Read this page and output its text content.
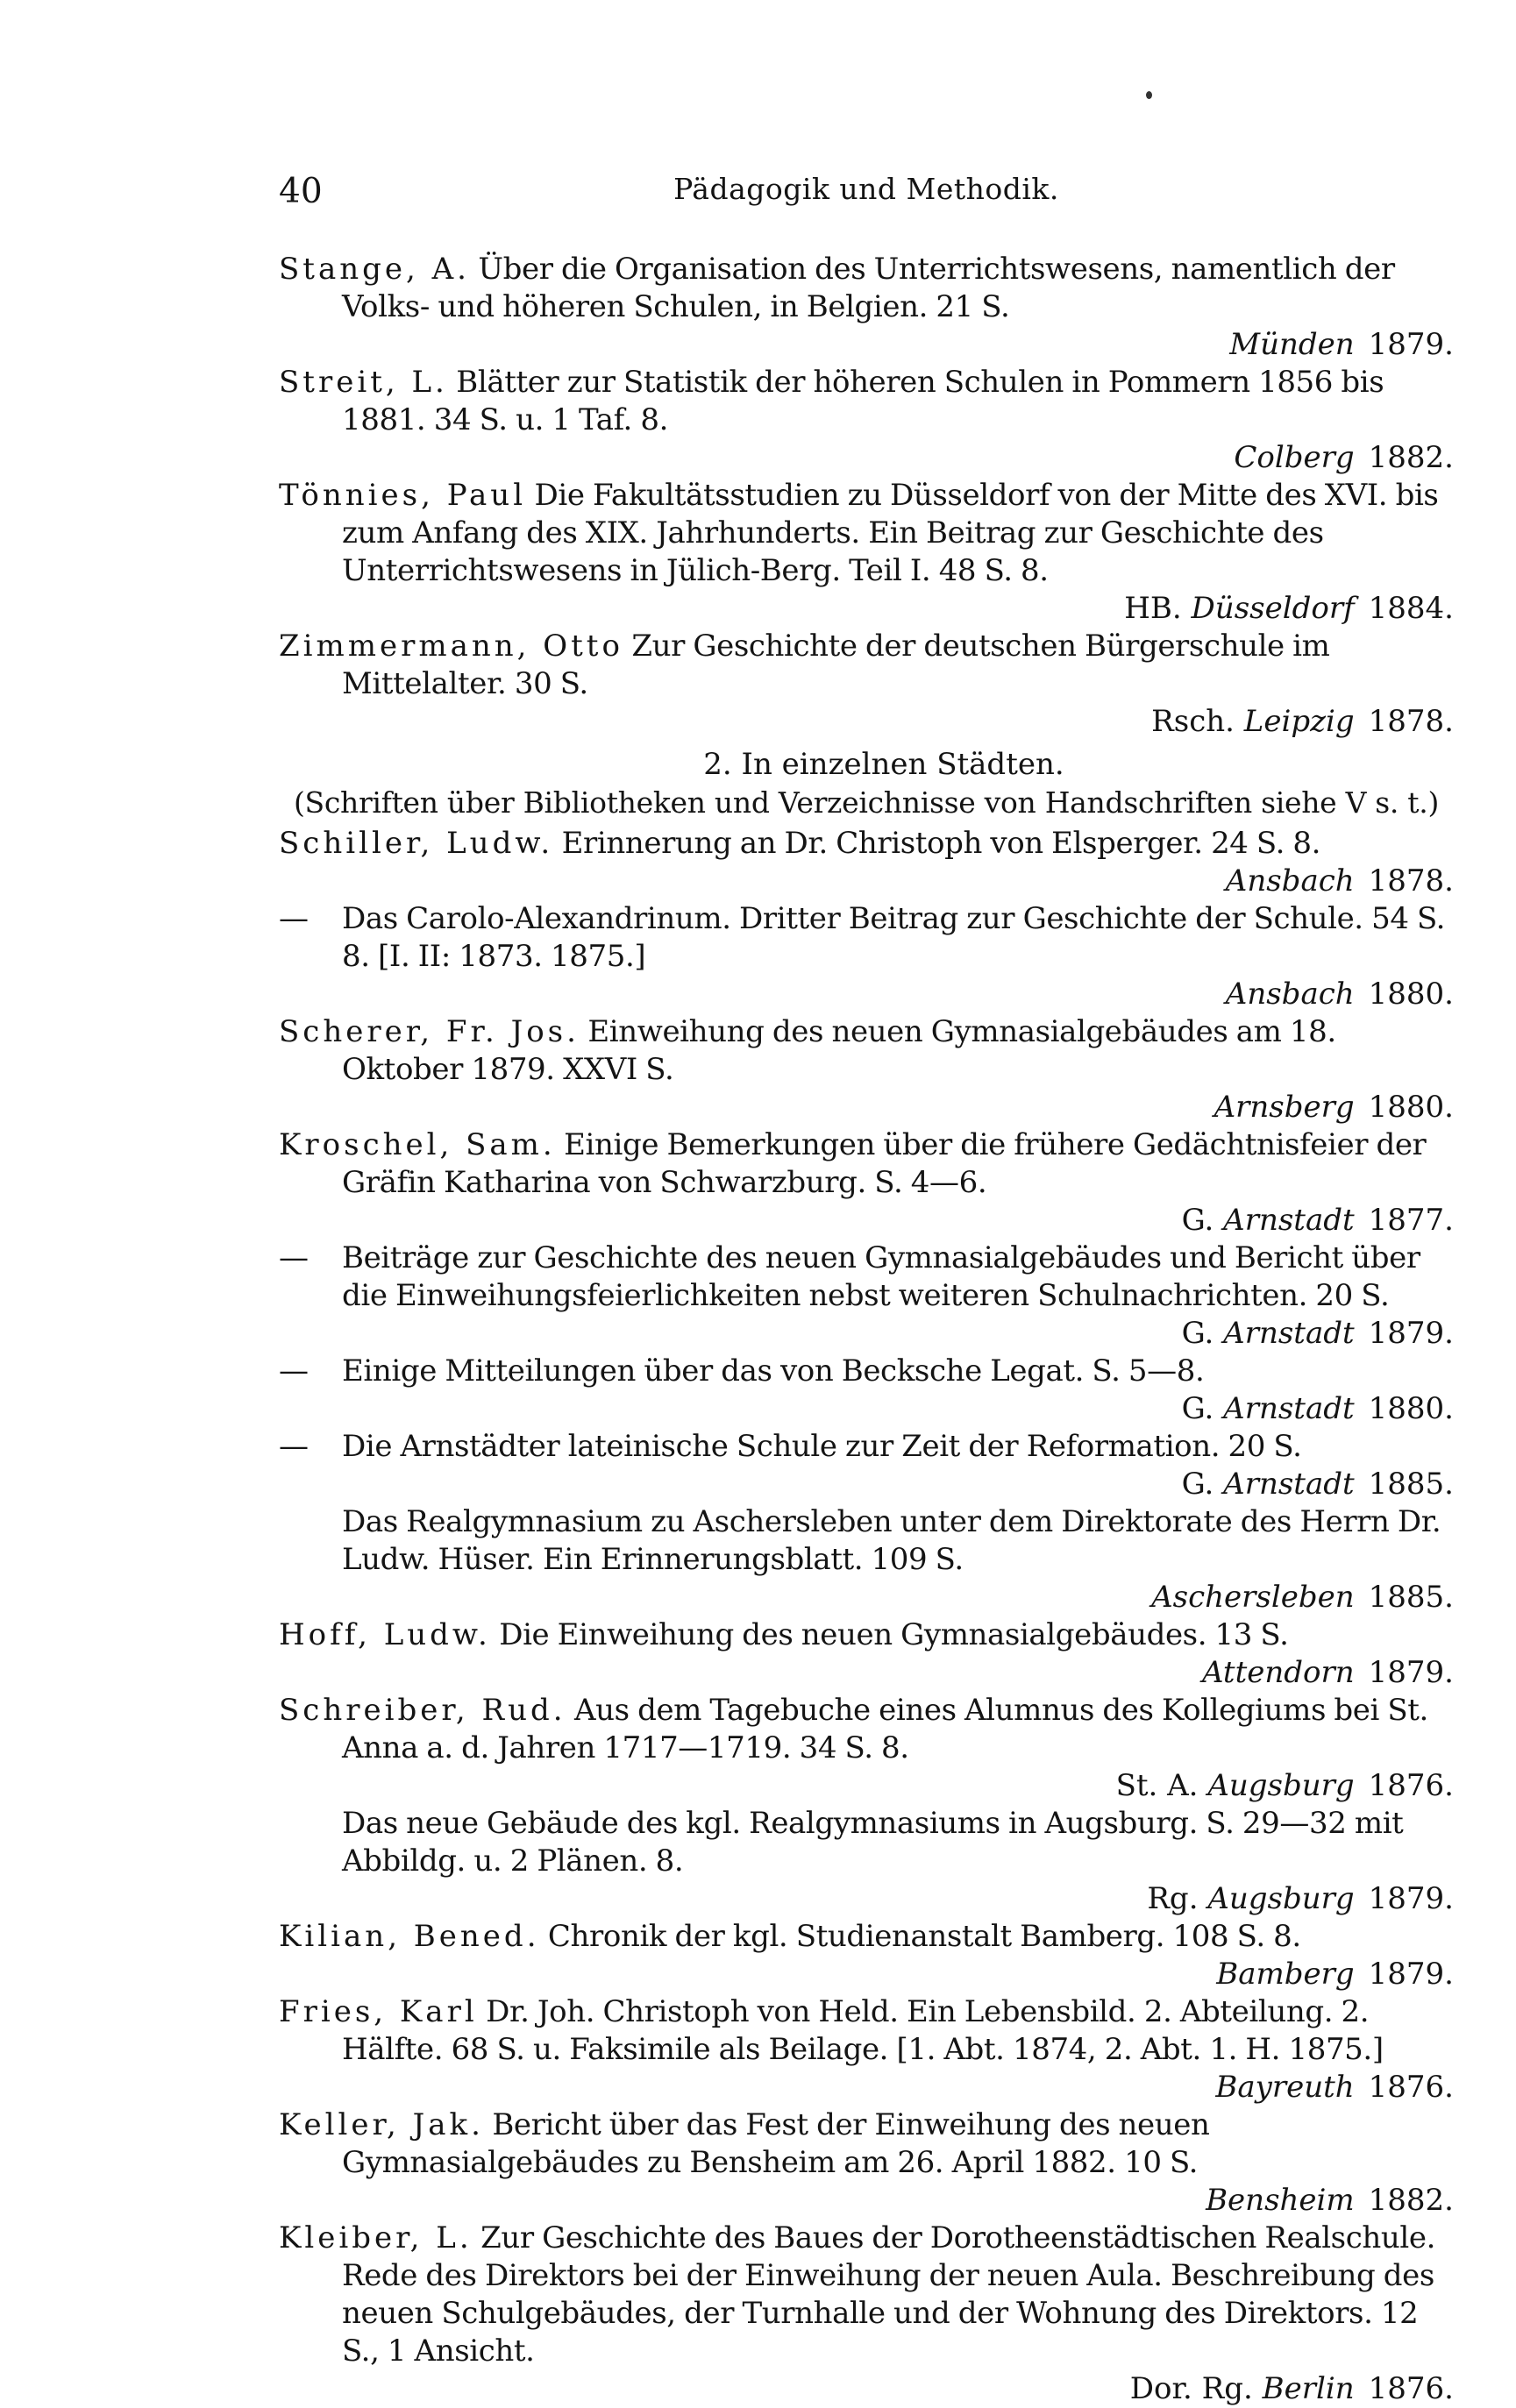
40	Pädagogik und Methodik.
Stange, A. Über die Organisation des Unterrichtswesens, namentlich der Volks- und höheren Schulen, in Belgien. 21 S.
Münden 1879.
Streit, L. Blätter zur Statistik der höheren Schulen in Pommern 1856 bis 1881. 34 S. u. 1 Taf. 8.
Colberg 1882.
Tönnies, Paul Die Fakultätsstudien zu Düsseldorf von der Mitte des XVI. bis zum Anfang des XIX. Jahrhunderts. Ein Beitrag zur Geschichte des Unterrichtswesens in Jülich-Berg. Teil I. 48 S. 8.
HB. Düsseldorf 1884.
Zimmermann, Otto Zur Geschichte der deutschen Bürgerschule im Mittelalter. 30 S.
Rsch. Leipzig 1878.
2. In einzelnen Städten.
(Schriften über Bibliotheken und Verzeichnisse von Handschriften siehe V s. t.)
Schiller, Ludw. Erinnerung an Dr. Christoph von Elsperger. 24 S. 8.
Ansbach 1878.
—	Das Carolo-Alexandrinum. Dritter Beitrag zur Geschichte der Schule. 54 S. 8. [I. II: 1873. 1875.]
Ansbach 1880.
Scherer, Fr. Jos. Einweihung des neuen Gymnasialgebäudes am 18. Oktober 1879. XXVI S.
Arnsberg 1880.
Kroschel, Sam. Einige Bemerkungen über die frühere Gedächtnisfeier der Gräfin Katharina von Schwarzburg. S. 4—6.
G. Arnstadt 1877.
—	Beiträge zur Geschichte des neuen Gymnasialgebäudes und Bericht über die Einweihungsfeierlichkeiten nebst weiteren Schulnachrichten. 20 S.
G. Arnstadt 1879.
—	Einige Mitteilungen über das von Becksche Legat. S. 5—8.
G. Arnstadt 1880.
—	Die Arnstädter lateinische Schule zur Zeit der Reformation. 20 S.
G. Arnstadt 1885.
Das Realgymnasium zu Aschersleben unter dem Direktorate des Herrn Dr. Ludw. Hüser. Ein Erinnerungsblatt. 109 S.
Aschersleben 1885.
Hoff, Ludw. Die Einweihung des neuen Gymnasialgebäudes. 13 S.
Attendorn 1879.
Schreiber, Rud. Aus dem Tagebuche eines Alumnus des Kollegiums bei St. Anna a. d. Jahren 1717—1719. 34 S. 8.
St. A. Augsburg 1876.
Das neue Gebäude des kgl. Realgymnasiums in Augsburg. S. 29—32 mit Abbildg. u. 2 Plänen. 8.
Rg. Augsburg 1879.
Kilian, Bened. Chronik der kgl. Studienanstalt Bamberg. 108 S. 8.
Bamberg 1879.
Fries, Karl Dr. Joh. Christoph von Held. Ein Lebensbild. 2. Abteilung. 2. Hälfte. 68 S. u. Faksimile als Beilage. [1. Abt. 1874, 2. Abt. 1. H. 1875.]
Bayreuth 1876.
Keller, Jak. Bericht über das Fest der Einweihung des neuen Gymnasialgebäudes zu Bensheim am 26. April 1882. 10 S.
Bensheim 1882.
Kleiber, L. Zur Geschichte des Baues der Dorotheenstädtischen Realschule. Rede des Direktors bei der Einweihung der neuen Aula. Beschreibung des neuen Schulgebäudes, der Turnhalle und der Wohnung des Direktors. 12 S., 1 Ansicht.
Dor. Rg. Berlin 1876.
